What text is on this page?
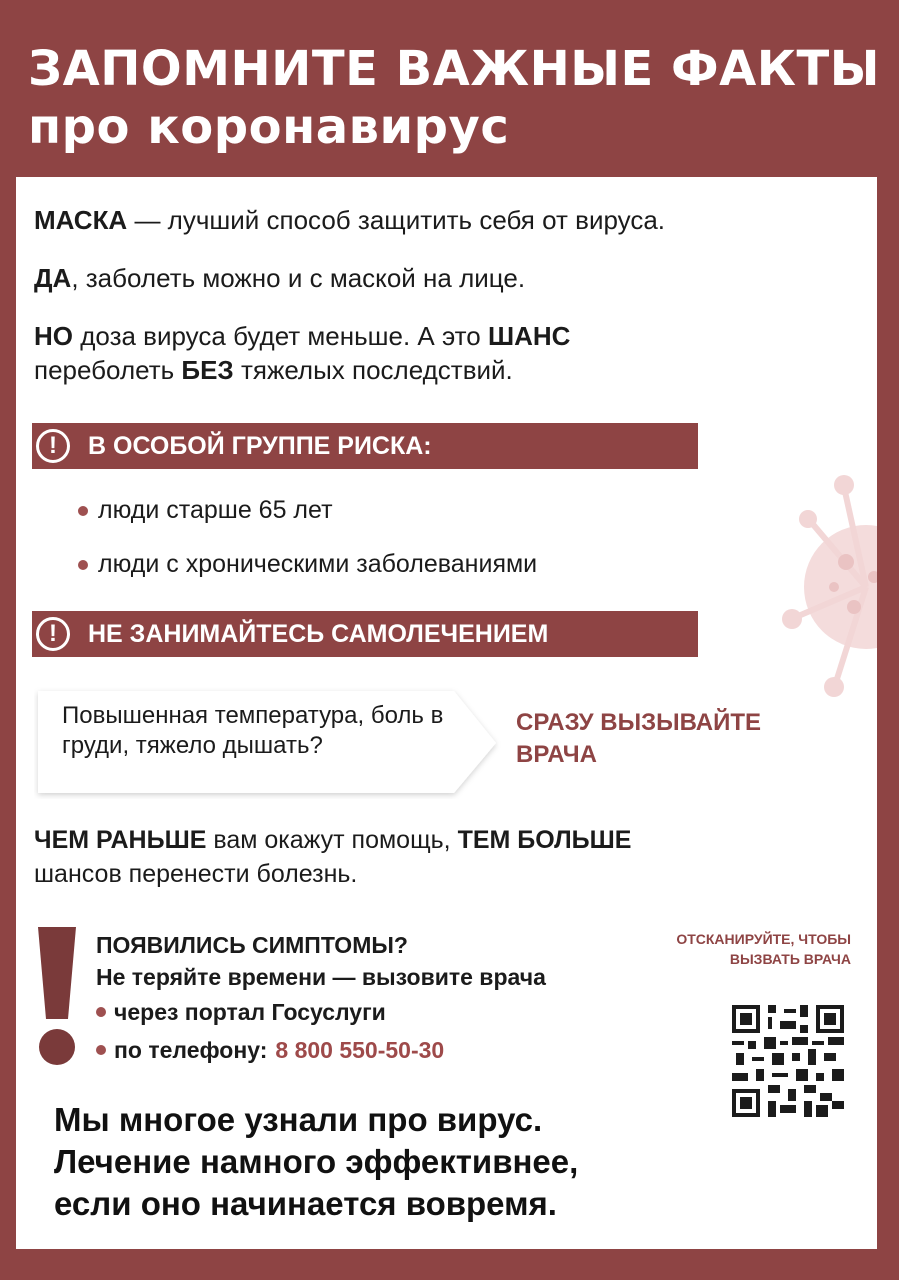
ЗАПОМНИТЕ ВАЖНЫЕ ФАКТЫ
про коронавирус

МАСКА — лучший способ защитить себя от вируса.

ДА, заболеть можно и с маской на лице.

НО доза вируса будет меньше. А это ШАНС
переболеть БЕЗ тяжелых последствий.

!	В ОСОБОЙ ГРУППЕ РИСКА:
люди старше 65 лет
люди с хроническими заболеваниями
!	НЕ ЗАНИМАЙТЕСЬ САМОЛЕЧЕНИЕМ

Повышенная температура, боль в груди, тяжело дышать?

СРАЗУ ВЫЗЫВАЙТЕ ВРАЧА

ЧЕМ РАНЬШЕ вам окажут помощь, ТЕМ БОЛЬШЕ
шансов перенести болезнь.

ПОЯВИЛИСЬ СИМПТОМЫ?
Не теряйте времени — вызовите врача
через портал Госуслуги
по телефону: 8 800 550-50-30

ОТСКАНИРУЙТЕ, ЧТОБЫ ВЫЗВАТЬ ВРАЧА

Мы многое узнали про вирус.
Лечение намного эффективнее,
если оно начинается вовремя.
